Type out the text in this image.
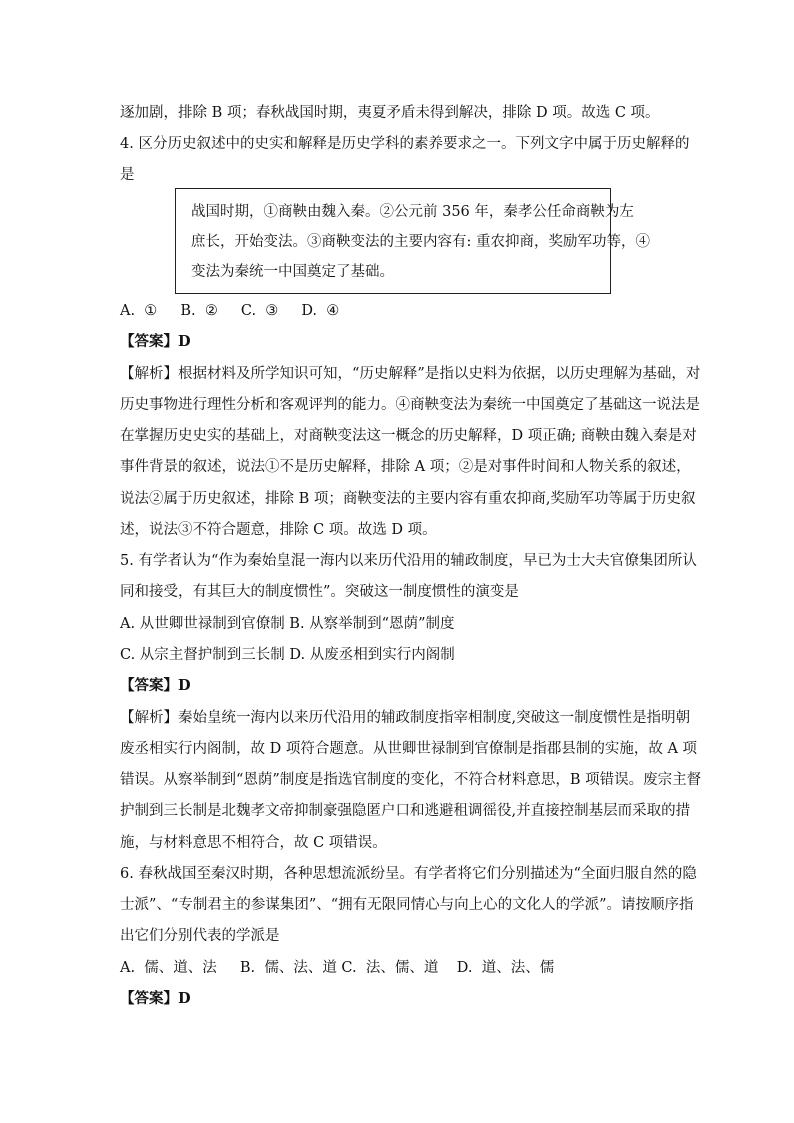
逐加剧，排除 B 项；春秋战国时期，夷夏矛盾未得到解决，排除 D 项。故选 C 项。
4. 区分历史叙述中的史实和解释是历史学科的素养要求之一。下列文字中属于历史解释的
是
战国时期，①商鞅由魏入秦。②公元前 356 年，秦孝公任命商鞅为左
庶长，开始变法。③商鞅变法的主要内容有: 重农抑商，奖励军功等，④
变法为秦统一中国奠定了基础。
A.  ①     B.  ②     C.  ③     D.  ④
【答案】D
【解析】根据材料及所学知识可知，“历史解释”是指以史料为依据，以历史理解为基础，对
历史事物进行理性分析和客观评判的能力。④商鞅变法为秦统一中国奠定了基础这一说法是
在掌握历史史实的基础上，对商鞅变法这一概念的历史解释，D 项正确; 商鞅由魏入秦是对
事件背景的叙述，说法①不是历史解释，排除 A 项；②是对事件时间和人物关系的叙述，
说法②属于历史叙述，排除 B 项；商鞅变法的主要内容有重农抑商,奖励军功等属于历史叙
述，说法③不符合题意，排除 C 项。故选 D 项。
5. 有学者认为“作为秦始皇混一海内以来历代沿用的辅政制度，早已为士大夫官僚集团所认
同和接受，有其巨大的制度惯性”。突破这一制度惯性的演变是
A. 从世卿世禄制到官僚制 B. 从察举制到“恩荫”制度
C. 从宗主督护制到三长制 D. 从废丞相到实行内阁制
【答案】D
【解析】秦始皇统一海内以来历代沿用的辅政制度指宰相制度,突破这一制度惯性是指明朝
废丞相实行内阁制，故 D 项符合题意。从世卿世禄制到官僚制是指郡县制的实施，故 A 项
错误。从察举制到“恩荫”制度是指选官制度的变化，不符合材料意思，B 项错误。废宗主督
护制到三长制是北魏孝文帝抑制豪强隐匿户口和逃避租调徭役,并直接控制基层而采取的措
施，与材料意思不相符合，故 C 项错误。
6. 春秋战国至秦汉时期，各种思想流派纷呈。有学者将它们分别描述为“全面归服自然的隐
士派”、“专制君主的参谋集团”、“拥有无限同情心与向上心的文化人的学派”。请按顺序指
出它们分别代表的学派是
A.  儒、道、法     B.  儒、法、道 C.  法、儒、道    D.  道、法、儒
【答案】D
